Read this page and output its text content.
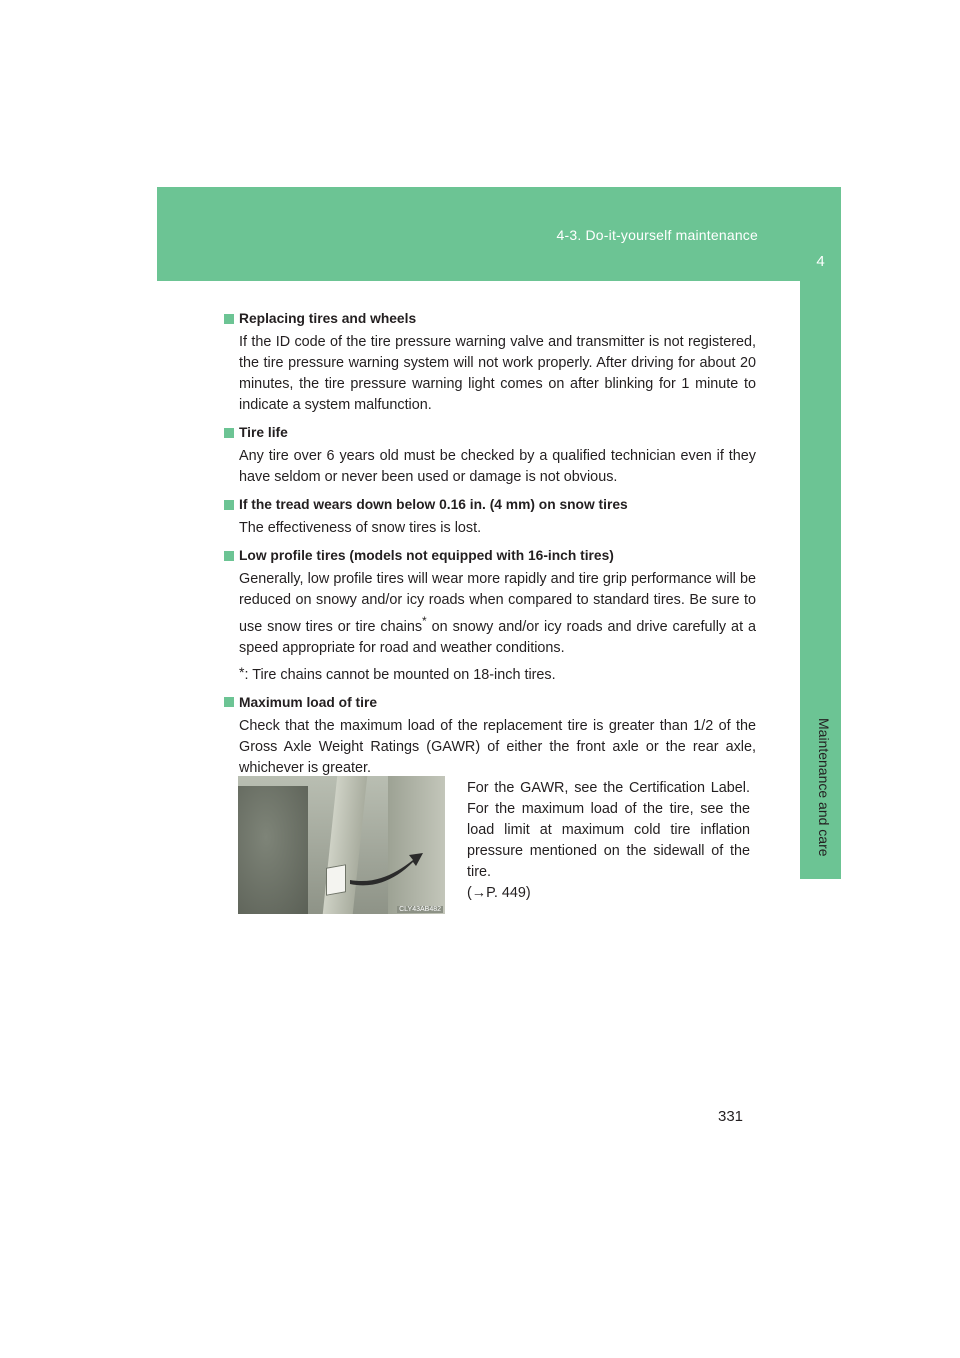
4-3. Do-it-yourself maintenance
4
Maintenance and care
Replacing tires and wheels
If the ID code of the tire pressure warning valve and transmitter is not registered, the tire pressure warning system will not work properly. After driving for about 20 minutes, the tire pressure warning light comes on after blinking for 1 minute to indicate a system malfunction.
Tire life
Any tire over 6 years old must be checked by a qualified technician even if they have seldom or never been used or damage is not obvious.
If the tread wears down below 0.16 in. (4 mm) on snow tires
The effectiveness of snow tires is lost.
Low profile tires (models not equipped with 16-inch tires)
Generally, low profile tires will wear more rapidly and tire grip performance will be reduced on snowy and/or icy roads when compared to standard tires. Be sure to use snow tires or tire chains* on snowy and/or icy roads and drive carefully at a speed appropriate for road and weather conditions.
*: Tire chains cannot be mounted on 18-inch tires.
Maximum load of tire
Check that the maximum load of the replacement tire is greater than 1/2 of the Gross Axle Weight Ratings (GAWR) of either the front axle or the rear axle, whichever is greater.
CLY43AB482
For the GAWR, see the Certification Label. For the maximum load of the tire, see the load limit at maximum cold tire inflation pressure mentioned on the sidewall of the tire.
(→P. 449)
331
